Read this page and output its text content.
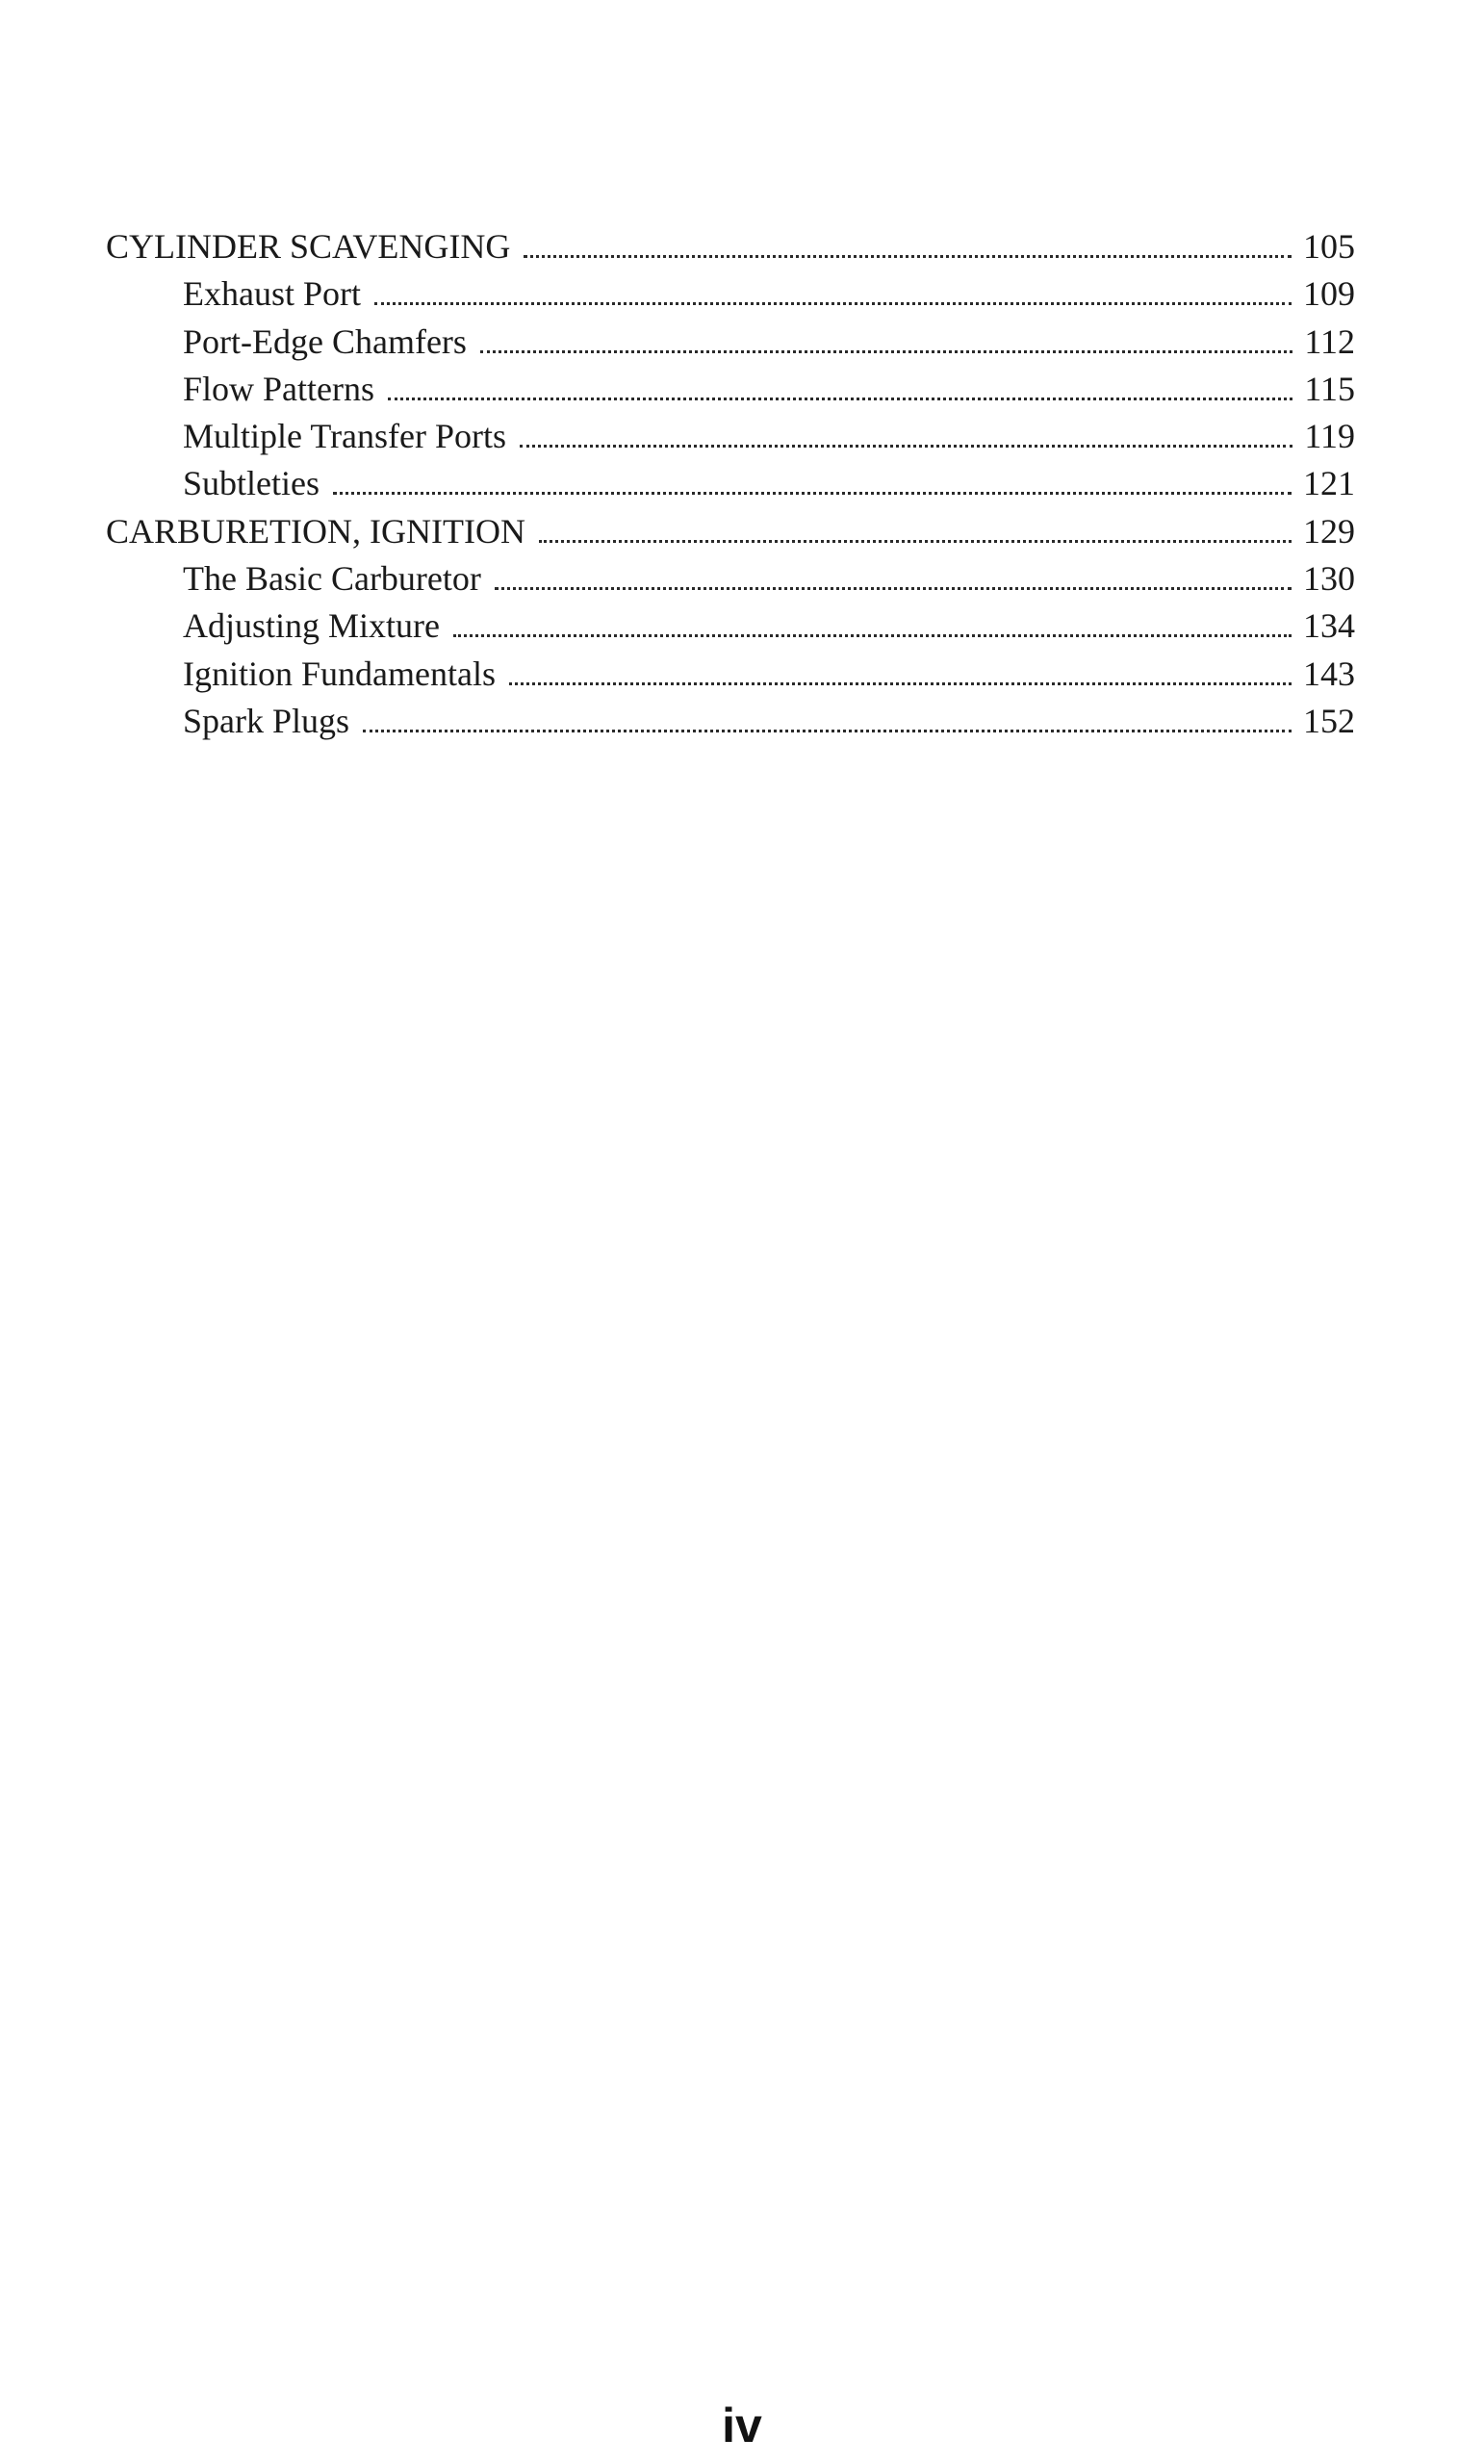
CYLINDER SCAVENGING	105
Exhaust Port	109
Port-Edge Chamfers	112
Flow Patterns	115
Multiple Transfer Ports	119
Subtleties	121
CARBURETION, IGNITION	129
The Basic Carburetor	130
Adjusting Mixture	134
Ignition Fundamentals	143
Spark Plugs	152
iv
